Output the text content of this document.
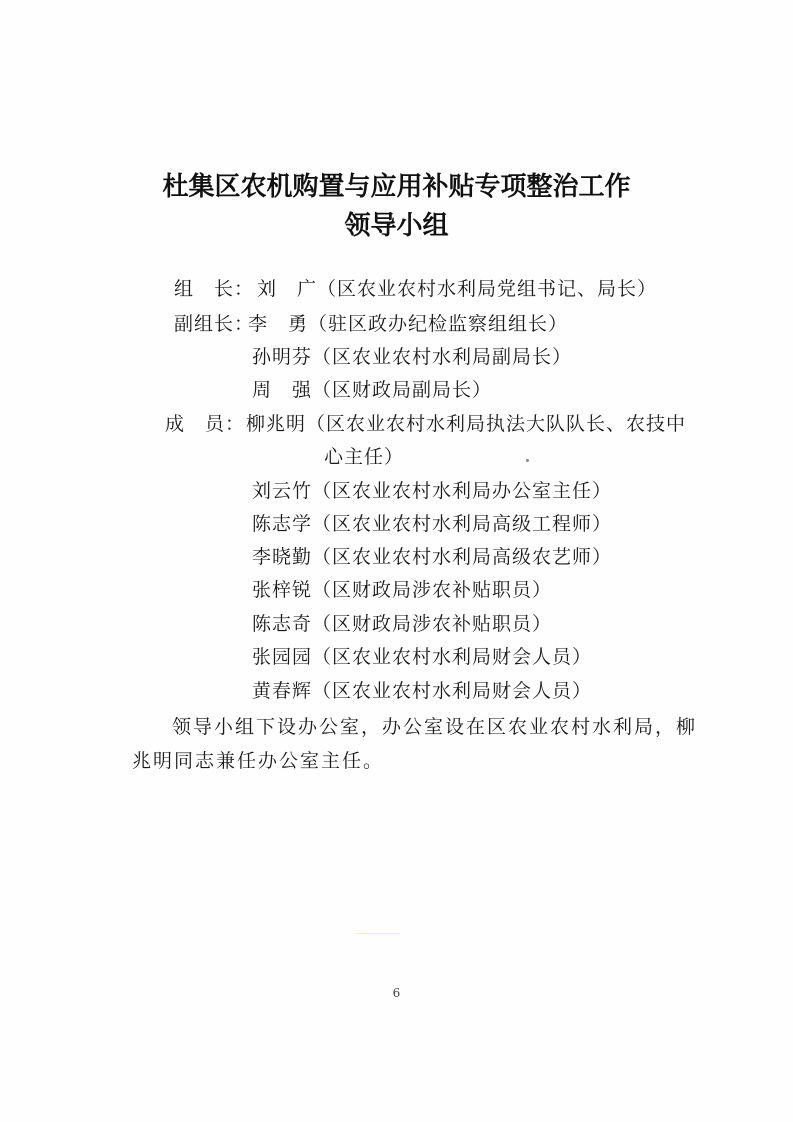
杜集区农机购置与应用补贴专项整治工作
领导小组
组　长： 刘　广（区农业农村水利局党组书记、局长）
副组长：
李　勇（驻区政办纪检监察组组长）
孙明芬（区农业农村水利局副局长）
周　强（区财政局副局长）
成　员： 柳兆明（区农业农村水利局执法大队队长、农技中
心主任）
刘云竹（区农业农村水利局办公室主任）
陈志学（区农业农村水利局高级工程师）
李晓勤（区农业农村水利局高级农艺师）
张梓锐（区财政局涉农补贴职员）
陈志奇（区财政局涉农补贴职员）
张园园（区农业农村水利局财会人员）
黄春辉（区农业农村水利局财会人员）
领导小组下设办公室，办公室设在区农业农村水利局，柳
兆明同志兼任办公室主任。
6
